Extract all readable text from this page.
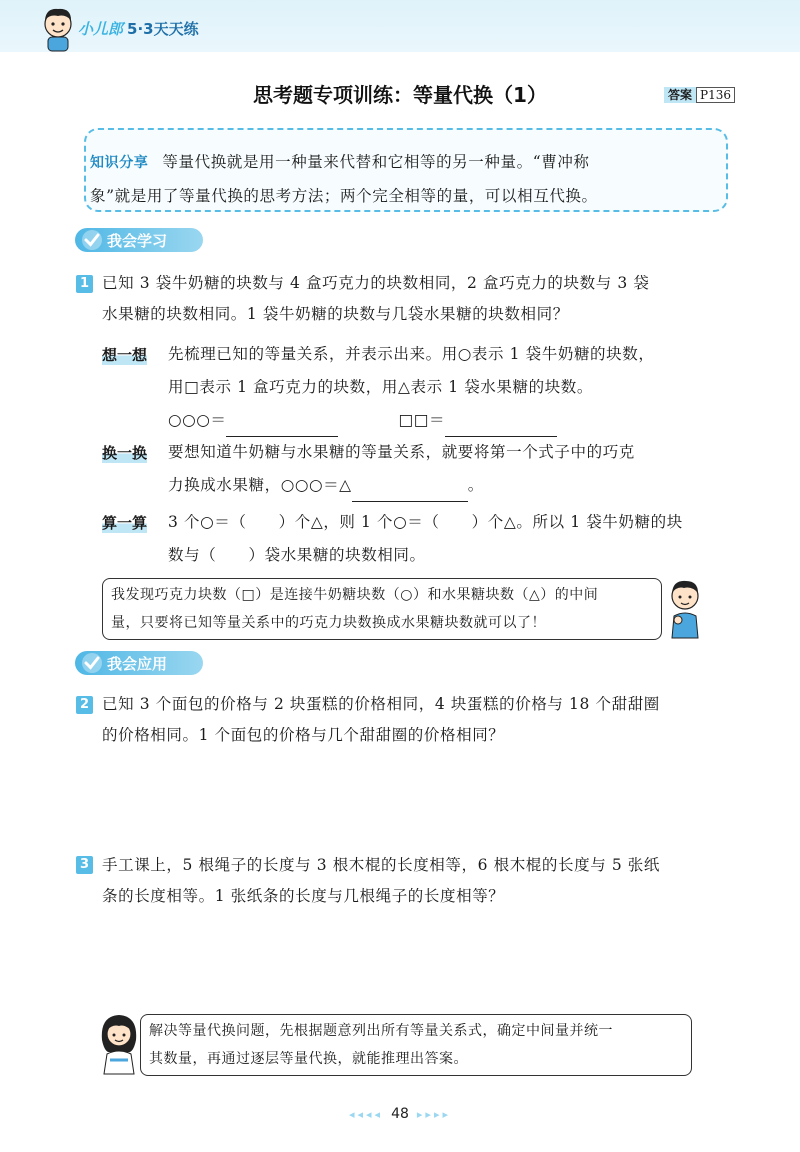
小儿郎 5·3天天练
思考题专项训练：等量代换（1）	答案 P136
知识分享 等量代换就是用一种量来代替和它相等的另一种量。“曹冲称
象”就是用了等量代换的思考方法；两个完全相等的量，可以相互代换。
我会学习
1 已知 3 袋牛奶糖的块数与 4 盒巧克力的块数相同，2 盒巧克力的块数与 3 袋

水果糖的块数相同。1 袋牛奶糖的块数与几袋水果糖的块数相同？

想一想 先梳理已知的等量关系，并表示出来。用○表示 1 袋牛奶糖的块数，

用□表示 1 盒巧克力的块数，用△表示 1 袋水果糖的块数。

○○○＝	□□＝

换一换 要想知道牛奶糖与水果糖的等量关系，就要将第一个式子中的巧克

力换成水果糖，○○○＝△	。

算一算 3 个○＝（　　）个△，则 1 个○＝（　　）个△。所以 1 袋牛奶糖的块

数与（　　）袋水果糖的块数相同。

我发现巧克力块数（□）是连接牛奶糖块数（○）和水果糖块数（△）的中间

量，只要将已知等量关系中的巧克力块数换成水果糖块数就可以了！

我会应用
2 已知 3 个面包的价格与 2 块蛋糕的价格相同，4 块蛋糕的价格与 18 个甜甜圈

的价格相同。1 个面包的价格与几个甜甜圈的价格相同？

3 手工课上，5 根绳子的长度与 3 根木棍的长度相等，6 根木棍的长度与 5 张纸

条的长度相等。1 张纸条的长度与几根绳子的长度相等？

解决等量代换问题，先根据题意列出所有等量关系式，确定中间量并统一

其数量，再通过逐层等量代换，就能推理出答案。

◂◂◂◂ 48 ▸▸▸▸
